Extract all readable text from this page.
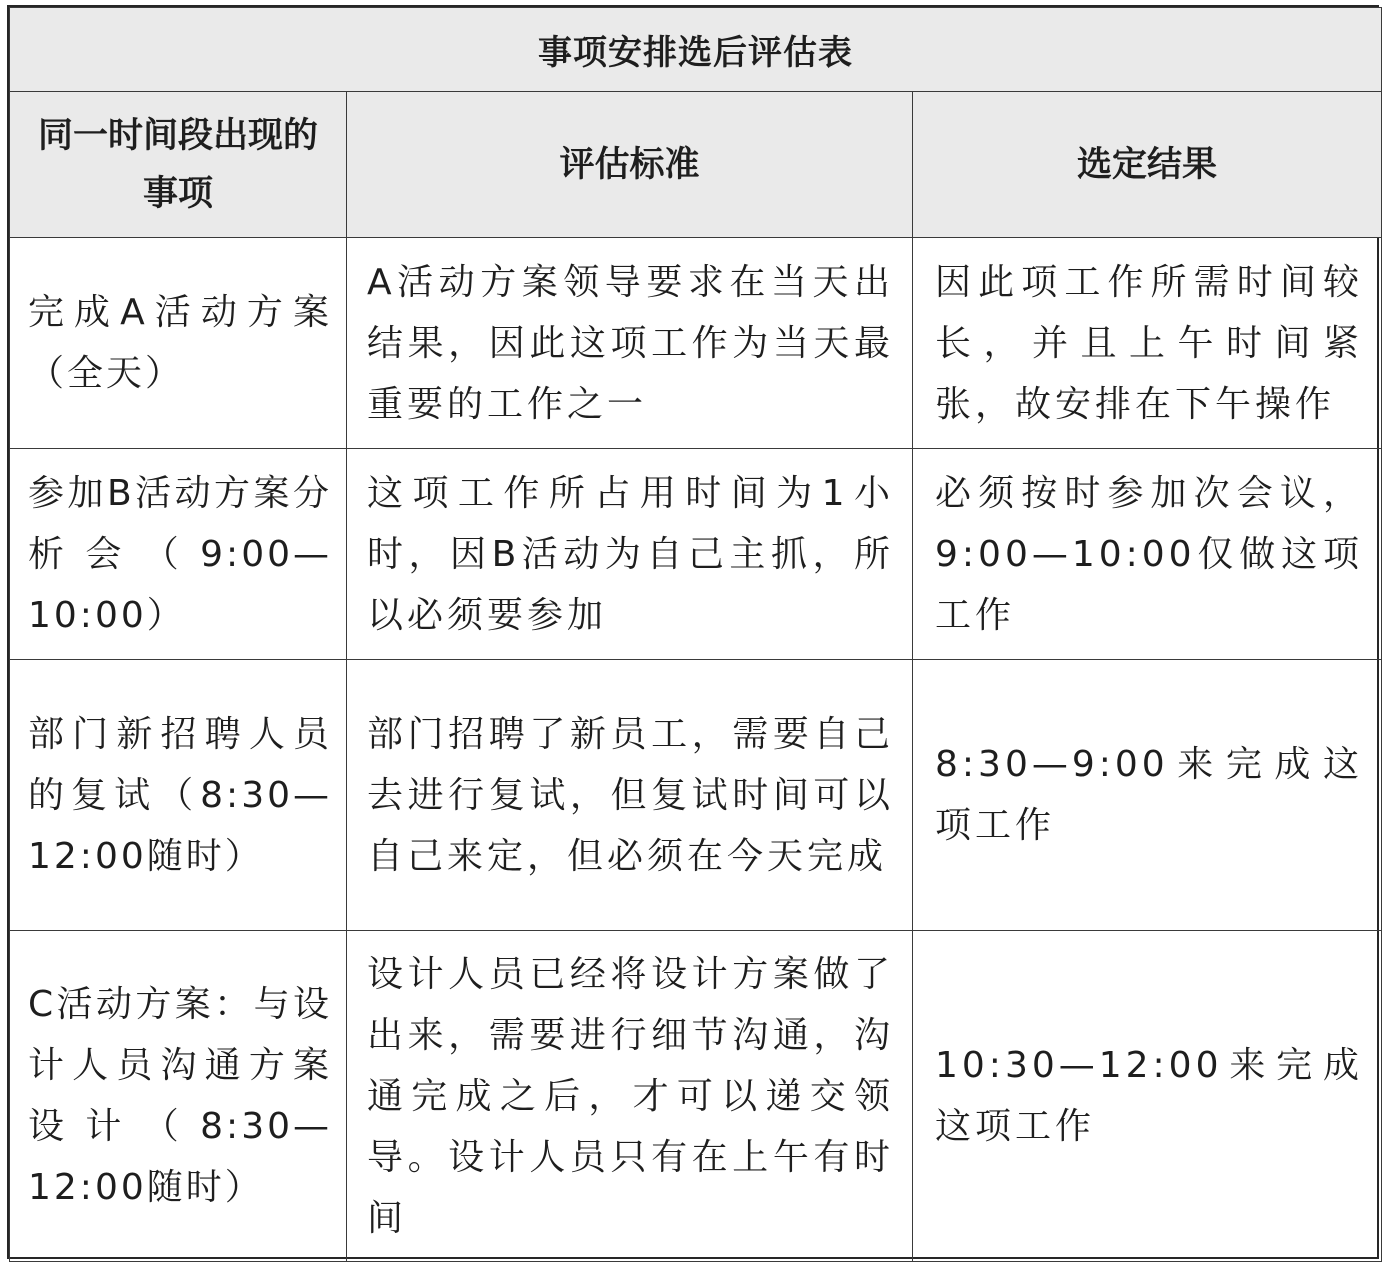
事项安排选后评估表		
同一时间段出现的事项	评估标准	选定结果
完成A活动方案（全天）	A活动方案领导要求在当天出结果，因此这项工作为当天最重要的工作之一	因此项工作所需时间较长，并且上午时间紧张，故安排在下午操作
参加B活动方案分析会（9:00—10:00）	这项工作所占用时间为1小时，因B活动为自己主抓，所以必须要参加	必须按时参加次会议，9:00—10:00仅做这项工作
部门新招聘人员的复试（8:30—12:00随时）	部门招聘了新员工，需要自己去进行复试，但复试时间可以自己来定，但必须在今天完成	8:30—9:00来完成这项工作
C活动方案：与设计人员沟通方案设计（8:30—12:00随时）	设计人员已经将设计方案做了出来，需要进行细节沟通，沟通完成之后，才可以递交领导。设计人员只有在上午有时间	10:30—12:00来完成这项工作
